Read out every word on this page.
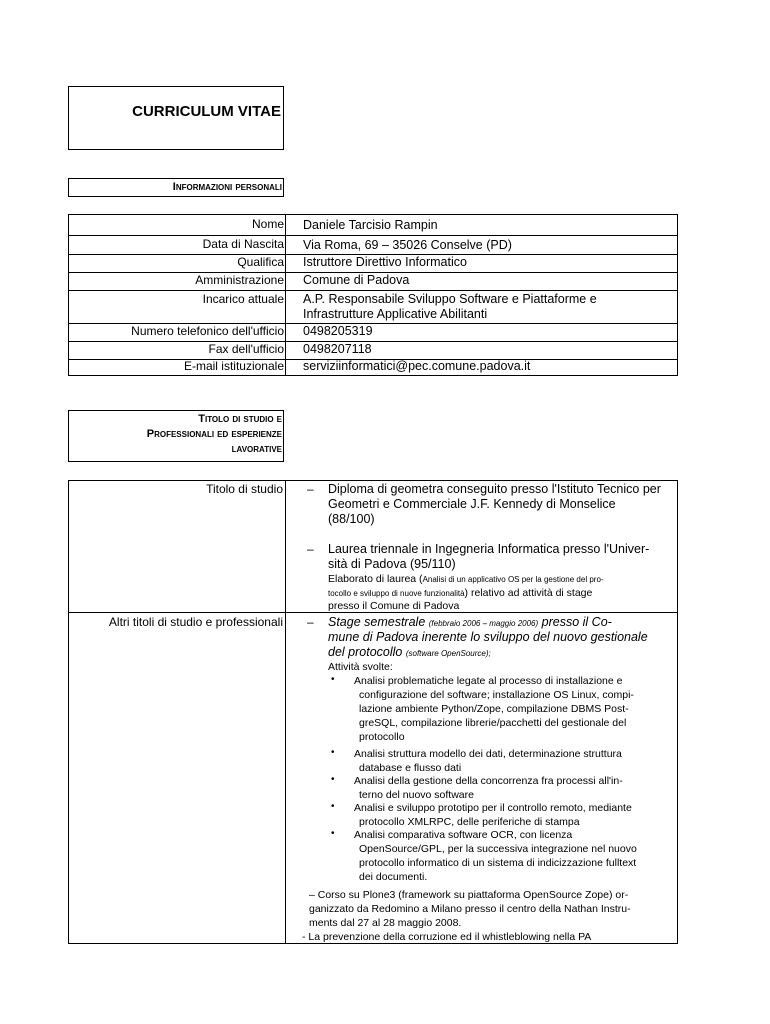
CURRICULUM VITAE
Informazioni personali
Nome Daniele Tarcisio Rampin
Data di Nascita Via Roma, 69 – 35026 Conselve (PD)
Qualifica Istruttore Direttivo Informatico
Amministrazione Comune di Padova
Incarico attuale A.P. Responsabile Sviluppo Software e Piattaforme e
Infrastrutture Applicative Abilitanti
Numero telefonico dell'ufficio 0498205319
Fax dell'ufficio 0498207118
E-mail istituzionale serviziinformatici@pec.comune.padova.it
Titolo di studio e
Professionali ed esperienze
lavorative
Titolo di studio – Diploma di geometra conseguito presso l'Istituto Tecnico per
Geometri e Commerciale J.F. Kennedy di Monselice
(88/100)
– Laurea triennale in Ingegneria Informatica presso l'Univer-
sità di Padova (95/110)
Elaborato di laurea (Analisi di un applicativo OS per la gestione del pro-
tocollo e sviluppo di nuove funzionalità) relativo ad attività di stage
presso il Comune di Padova
Altri titoli di studio e professionali – Stage semestrale (febbraio 2006 – maggio 2006) presso il Co-
mune di Padova inerente lo sviluppo del nuovo gestionale
del protocollo (software OpenSource);
Attività svolte:
• Analisi problematiche legate al processo di installazione e
configurazione del software; installazione OS Linux, compi-
lazione ambiente Python/Zope, compilazione DBMS Post-
greSQL, compilazione librerie/pacchetti del gestionale del
protocollo
• Analisi struttura modello dei dati, determinazione struttura
database e flusso dati
• Analisi della gestione della concorrenza fra processi all'in-
terno del nuovo software
• Analisi e sviluppo prototipo per il controllo remoto, mediante
protocollo XMLRPC, delle periferiche di stampa
• Analisi comparativa software OCR, con licenza
OpenSource/GPL, per la successiva integrazione nel nuovo
protocollo informatico di un sistema di indicizzazione fulltext
dei documenti.
– Corso su Plone3 (framework su piattaforma OpenSource Zope) or-
ganizzato da Redomino a Milano presso il centro della Nathan Instru-
ments dal 27 al 28 maggio 2008.
- La prevenzione della corruzione ed il whistleblowing nella PA
